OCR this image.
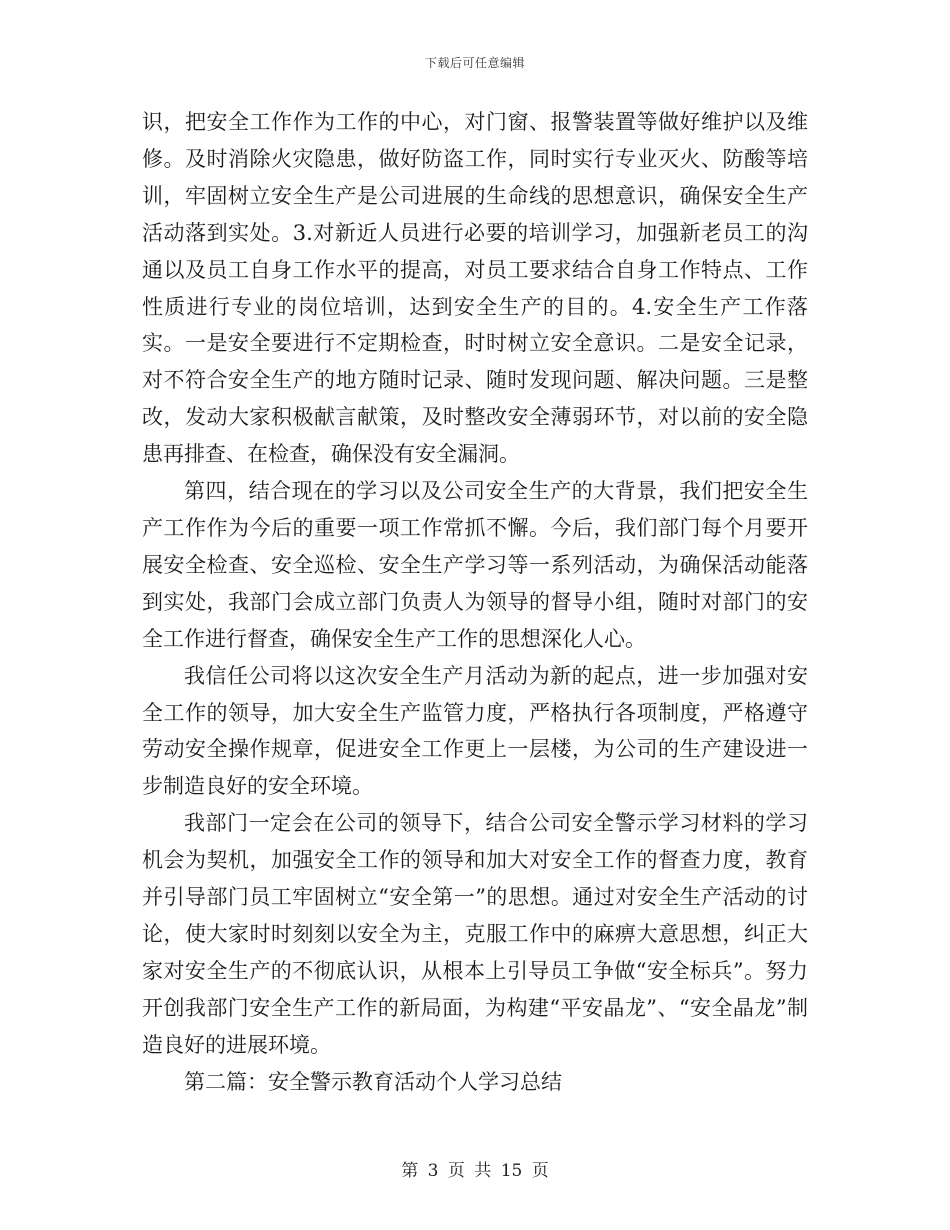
下载后可任意编辑

识，把安全工作作为工作的中心，对门窗、报警装置等做好维护以及维修。及时消除火灾隐患，做好防盗工作，同时实行专业灭火、防酸等培训，牢固树立安全生产是公司进展的生命线的思想意识，确保安全生产活动落到实处。3.对新近人员进行必要的培训学习，加强新老员工的沟通以及员工自身工作水平的提高，对员工要求结合自身工作特点、工作性质进行专业的岗位培训，达到安全生产的目的。4.安全生产工作落实。一是安全要进行不定期检查，时时树立安全意识。二是安全记录，对不符合安全生产的地方随时记录、随时发现问题、解决问题。三是整改，发动大家积极献言献策，及时整改安全薄弱环节，对以前的安全隐患再排查、在检查，确保没有安全漏洞。

第四，结合现在的学习以及公司安全生产的大背景，我们把安全生产工作作为今后的重要一项工作常抓不懈。今后，我们部门每个月要开展安全检查、安全巡检、安全生产学习等一系列活动，为确保活动能落到实处，我部门会成立部门负责人为领导的督导小组，随时对部门的安全工作进行督查，确保安全生产工作的思想深化人心。

我信任公司将以这次安全生产月活动为新的起点，进一步加强对安全工作的领导，加大安全生产监管力度，严格执行各项制度，严格遵守劳动安全操作规章，促进安全工作更上一层楼，为公司的生产建设进一步制造良好的安全环境。

我部门一定会在公司的领导下，结合公司安全警示学习材料的学习机会为契机，加强安全工作的领导和加大对安全工作的督查力度，教育并引导部门员工牢固树立“安全第一”的思想。通过对安全生产活动的讨论，使大家时时刻刻以安全为主，克服工作中的麻痹大意思想，纠正大家对安全生产的不彻底认识，从根本上引导员工争做“安全标兵”。努力开创我部门安全生产工作的新局面，为构建“平安晶龙”、“安全晶龙”制造良好的进展环境。

第二篇：安全警示教育活动个人学习总结

第 3 页 共 15 页
